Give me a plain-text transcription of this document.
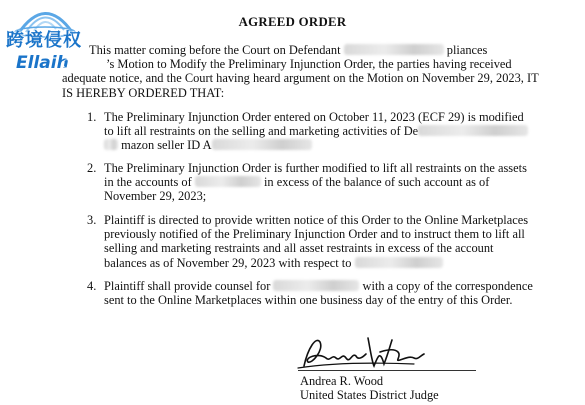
跨境侵权
Ellaih
AGREED ORDER
This matter coming before the Court on Defendant	pliances
Co., Ltd.’s Motion to Modify the Preliminary Injunction Order, the parties having received
adequate notice, and the Court having heard argument on the Motion on November 29, 2023, IT
IS HEREBY ORDERED THAT:
1. The Preliminary Injunction Order entered on October 11, 2023 (ECF 29) is modified
to lift all restraints on the selling and marketing activities of De
mazon seller ID A
2. The Preliminary Injunction Order is further modified to lift all restraints on the assets
in the accounts of	in excess of the balance of such account as of
November 29, 2023;
3. Plaintiff is directed to provide written notice of this Order to the Online Marketplaces
previously notified of the Preliminary Injunction Order and to instruct them to lift all
selling and marketing restraints and all asset restraints in excess of the account
balances as of November 29, 2023 with respect to
4. Plaintiff shall provide counsel for	with a copy of the correspondence
sent to the Online Marketplaces within one business day of the entry of this Order.
Andrea R. Wood
United States District Judge
